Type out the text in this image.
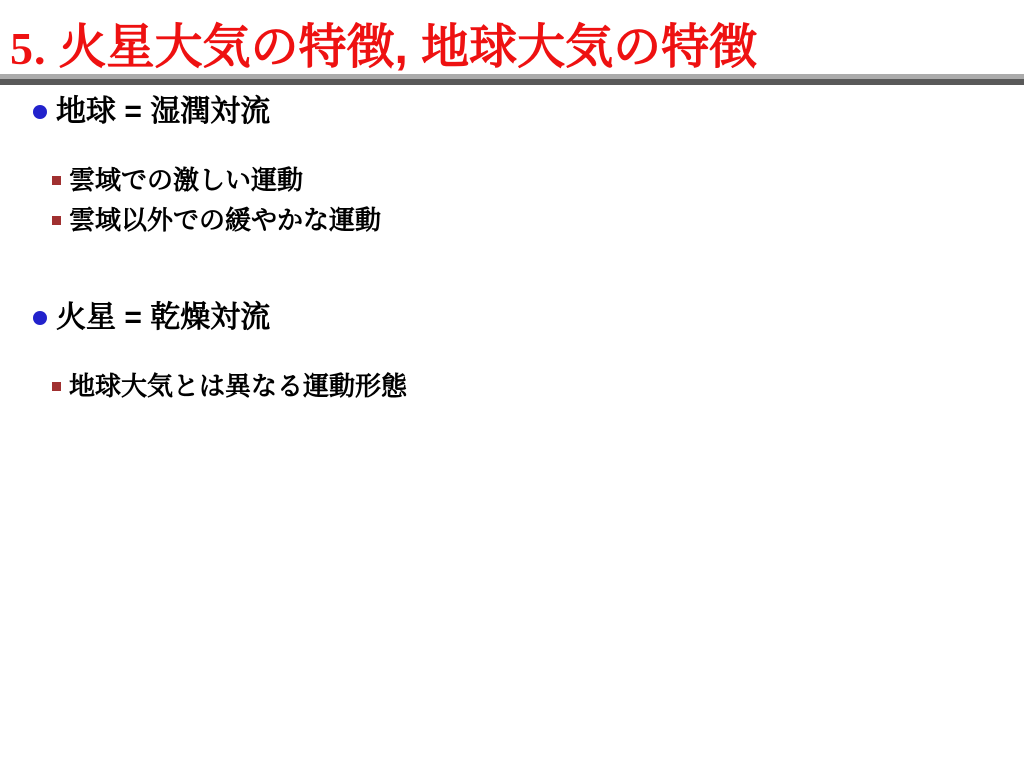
5. 火星大気の特徴, 地球大気の特徴
地球 = 湿潤対流
雲域での激しい運動
雲域以外での緩やかな運動
火星 = 乾燥対流
地球大気とは異なる運動形態
